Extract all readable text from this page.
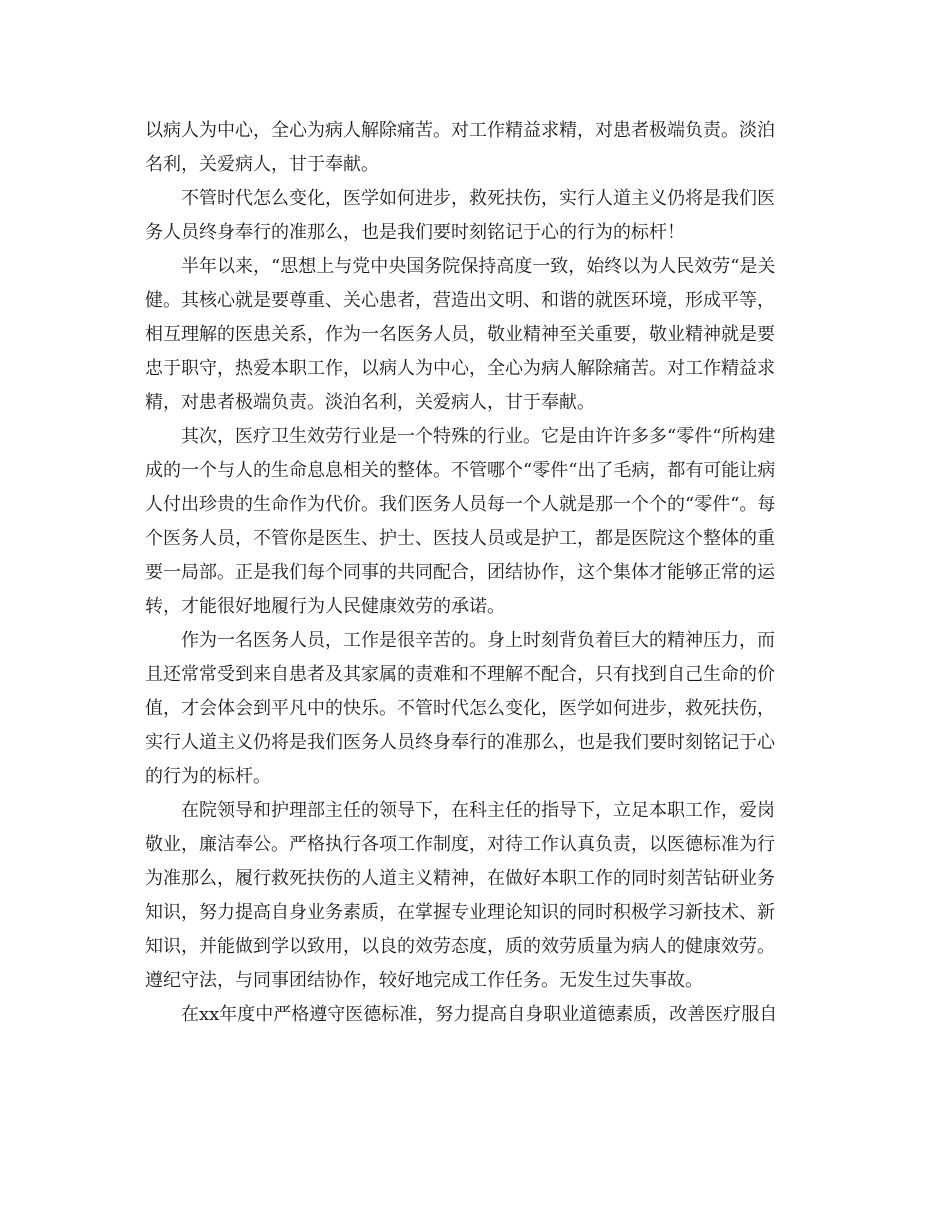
以病人为中心，全心为病人解除痛苦。对工作精益求精，对患者极端负责。淡泊
名利，关爱病人，甘于奉献。
　　不管时代怎么变化，医学如何进步，救死扶伤，实行人道主义仍将是我们医
务人员终身奉行的准那么，也是我们要时刻铭记于心的行为的标杆！
　　半年以来，“思想上与党中央国务院保持高度一致，始终以为人民效劳“是关
健。其核心就是要尊重、关心患者，营造出文明、和谐的就医环境，形成平等，
相互理解的医患关系，作为一名医务人员，敬业精神至关重要，敬业精神就是要
忠于职守，热爱本职工作，以病人为中心，全心为病人解除痛苦。对工作精益求
精，对患者极端负责。淡泊名利，关爱病人，甘于奉献。
　　其次，医疗卫生效劳行业是一个特殊的行业。它是由许许多多“零件“所构建
成的一个与人的生命息息相关的整体。不管哪个“零件“出了毛病，都有可能让病
人付出珍贵的生命作为代价。我们医务人员每一个人就是那一个个的“零件“。每
个医务人员，不管你是医生、护士、医技人员或是护工，都是医院这个整体的重
要一局部。正是我们每个同事的共同配合，团结协作，这个集体才能够正常的运
转，才能很好地履行为人民健康效劳的承诺。
　　作为一名医务人员，工作是很辛苦的。身上时刻背负着巨大的精神压力，而
且还常常受到来自患者及其家属的责难和不理解不配合，只有找到自己生命的价
值，才会体会到平凡中的快乐。不管时代怎么变化，医学如何进步，救死扶伤，
实行人道主义仍将是我们医务人员终身奉行的准那么，也是我们要时刻铭记于心
的行为的标杆。
　　在院领导和护理部主任的领导下，在科主任的指导下，立足本职工作，爱岗
敬业，廉洁奉公。严格执行各项工作制度，对待工作认真负责，以医德标准为行
为准那么，履行救死扶伤的人道主义精神，在做好本职工作的同时刻苦钻研业务
知识，努力提高自身业务素质，在掌握专业理论知识的同时积极学习新技术、新
知识，并能做到学以致用，以良的效劳态度，质的效劳质量为病人的健康效劳。
遵纪守法，与同事团结协作，较好地完成工作任务。无发生过失事故。
　　在xx年度中严格遵守医德标准，努力提高自身职业道德素质，改善医疗服自
